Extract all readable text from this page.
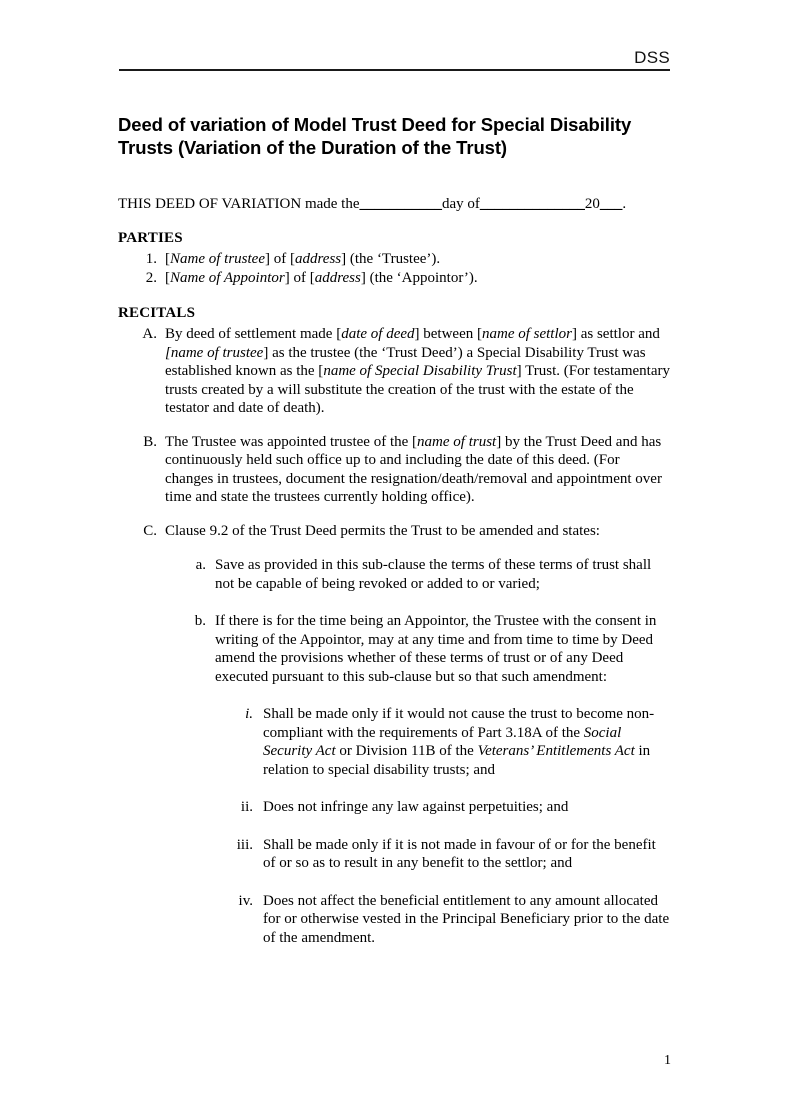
DSS
Deed of variation of Model Trust Deed for Special Disability Trusts (Variation of the Duration of the Trust)

THIS DEED OF VARIATION made the___________day of______________20___.

PARTIES
1. [Name of trustee] of [address] (the ‘Trustee’).
2. [Name of Appointor] of [address] (the ‘Appointor’).
RECITALS
A. By deed of settlement made [date of deed] between [name of settlor] as settlor and [name of trustee] as the trustee (the ‘Trust Deed’) a Special Disability Trust was established known as the [name of Special Disability Trust] Trust. (For testamentary trusts created by a will substitute the creation of the trust with the estate of the testator and date of death).
B. The Trustee was appointed trustee of the [name of trust] by the Trust Deed and has continuously held such office up to and including the date of this deed. (For changes in trustees, document the resignation/death/removal and appointment over time and state the trustees currently holding office).
C. Clause 9.2 of the Trust Deed permits the Trust to be amended and states:
a. Save as provided in this sub-clause the terms of these terms of trust shall not be capable of being revoked or added to or varied;
b. If there is for the time being an Appointor, the Trustee with the consent in writing of the Appointor, may at any time and from time to time by Deed amend the provisions whether of these terms of trust or of any Deed executed pursuant to this sub-clause but so that such amendment:
i. Shall be made only if it would not cause the trust to become non-compliant with the requirements of Part 3.18A of the Social Security Act or Division 11B of the Veterans’ Entitlements Act in relation to special disability trusts; and
ii. Does not infringe any law against perpetuities; and
iii. Shall be made only if it is not made in favour of or for the benefit of or so as to result in any benefit to the settlor; and
iv. Does not affect the beneficial entitlement to any amount allocated for or otherwise vested in the Principal Beneficiary prior to the date of the amendment.
1
